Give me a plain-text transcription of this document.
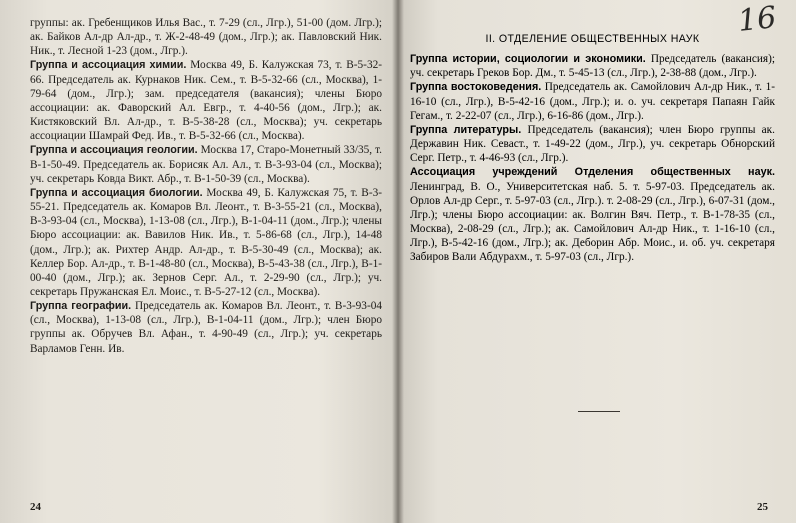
группы: ак. Гребенщиков Илья Вас., т. 7-29 (сл., Лгр.), 51-00 (дом. Лгр.); ак. Байков Ал-др Ал-др., т. Ж-2-48-49 (дом., Лгр.); ак. Павловский Ник. Ник., т. Лесной 1-23 (дом., Лгр.).

Группа и ассоциация химии. Москва 49, Б. Калужская 73, т. В-5-32-66. Председатель ак. Курнаков Ник. Сем., т. В-5-32-66 (сл., Москва), 1-79-64 (дом., Лгр.); зам. председателя (вакансия); члены Бюро ассоциации: ак. Фаворский Ал. Евгр., т. 4-40-56 (дом., Лгр.); ак. Кистяковский Вл. Ал-др., т. В-5-38-28 (сл., Москва); уч. секретарь ассоциации Шамрай Фед. Ив., т. В-5-32-66 (сл., Москва).

Группа и ассоциация геологии. Москва 17, Старо-Монетный 33/35, т. В-1-50-49. Председатель ак. Борисяк Ал. Ал., т. В-3-93-04 (сл., Москва); уч. секретарь Ковда Викт. Абр., т. В-1-50-39 (сл., Москва).

Группа и ассоциация биологии. Москва 49, Б. Калужская 75, т. В-3-55-21. Председатель ак. Комаров Вл. Леонт., т. В-3-55-21 (сл., Москва), В-3-93-04 (сл., Москва), 1-13-08 (сл., Лгр.), В-1-04-11 (дом., Лгр.); члены Бюро ассоциации: ак. Вавилов Ник. Ив., т. 5-86-68 (сл., Лгр.), 14-48 (дом., Лгр.); ак. Рихтер Андр. Ал-др., т. В-5-30-49 (сл., Москва); ак. Келлер Бор. Ал-др., т. В-1-48-80 (сл., Москва), В-5-43-38 (сл., Лгр.), В-1-00-40 (дом., Лгр.); ак. Зернов Серг. Ал., т. 2-29-90 (сл., Лгр.); уч. секретарь Пружанская Ел. Моис., т. В-5-27-12 (сл., Москва).

Группа географии. Председатель ак. Комаров Вл. Леонт., т. В-3-93-04 (сл., Москва), 1-13-08 (сл., Лгр.), В-1-04-11 (дом., Лгр.); член Бюро группы ак. Обручев Вл. Афан., т. 4-90-49 (сл., Лгр.); уч. секретарь Варламов Генн. Ив.

24
16
25
II. ОТДЕЛЕНИЕ ОБЩЕСТВЕННЫХ НАУК

Группа истории, социологии и экономики. Председатель (вакансия); уч. секретарь Греков Бор. Дм., т. 5-45-13 (сл., Лгр.), 2-38-88 (дом., Лгр.).

Группа востоковедения. Председатель ак. Самойлович Ал-др Ник., т. 1-16-10 (сл., Лгр.), В-5-42-16 (дом., Лгр.); и. о. уч. секретаря Папаян Гайк Гегам., т. 2-22-07 (сл., Лгр.), 6-16-86 (дом., Лгр.).

Группа литературы. Председатель (вакансия); член Бюро группы ак. Державин Ник. Севаст., т. 1-49-22 (дом., Лгр.), уч. секретарь Обнорский Серг. Петр., т. 4-46-93 (сл., Лгр.).

Ассоциация учреждений Отделения общественных наук. Ленинград, В. О., Университетская наб. 5. т. 5-97-03. Председатель ак. Орлов Ал-др Серг., т. 5-97-03 (сл., Лгр.). т. 2-08-29 (сл., Лгр.), 6-07-31 (дом., Лгр.); члены Бюро ассоциации: ак. Волгин Вяч. Петр., т. В-1-78-35 (сл., Москва), 2-08-29 (сл., Лгр.); ак. Самойлович Ал-др Ник., т. 1-16-10 (сл., Лгр.), В-5-42-16 (дом., Лгр.); ак. Деборин Абр. Моис., и. об. уч. секретаря Забиров Вали Абдурахм., т. 5-97-03 (сл., Лгр.).
